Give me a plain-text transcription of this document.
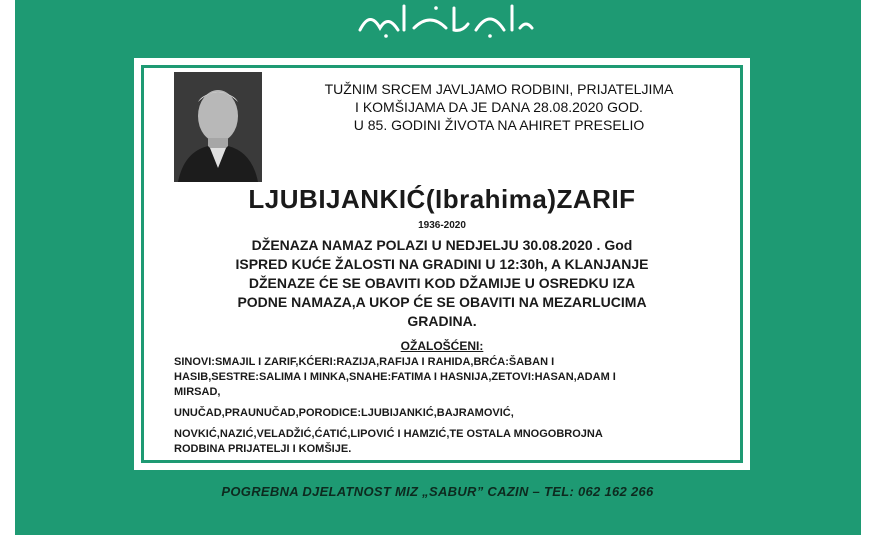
TUŽNIM SRCEM JAVLJAMO RODBINI, PRIJATELJIMA
I KOMŠIJAMA DA JE DANA 28.08.2020 GOD.
U 85. GODINI ŽIVOTA NA AHIRET PRESELIO
LJUBIJANKIĆ(Ibrahima)ZARIF
1936-2020
DŽENAZA NAMAZ POLAZI U NEDJELJU 30.08.2020 . God
ISPRED KUĆE ŽALOSTI NA GRADINI U 12:30h, A KLANJANJE
DŽENAZE ĆE SE OBAVITI KOD DŽAMIJE U OSREDKU IZA
PODNE NAMAZA,A UKOP ĆE SE OBAVITI NA MEZARLUCIMA
GRADINA.
OŽALOŠĆENI:

SINOVI:SMAJIL I ZARIF,KĆERI:RAZIJA,RAFIJA I RAHIDA,BRĆA:ŠABAN I

HASIB,SESTRE:SALIMA I MINKA,SNAHE:FATIMA I HASNIJA,ZETOVI:HASAN,ADAM I

MIRSAD,

UNUČAD,PRAUNUČAD,PORODICE:LJUBIJANKIĆ,BAJRAMOVIĆ,

NOVKIĆ,NAZIĆ,VELADŽIĆ,ĆATIĆ,LIPOVIĆ I HAMZIĆ,TE OSTALA MNOGOBROJNA

RODBINA PRIJATELJI I KOMŠIJE.

POGREBNA DJELATNOST MIZ „SABUR” CAZIN – TEL: 062 162 266
